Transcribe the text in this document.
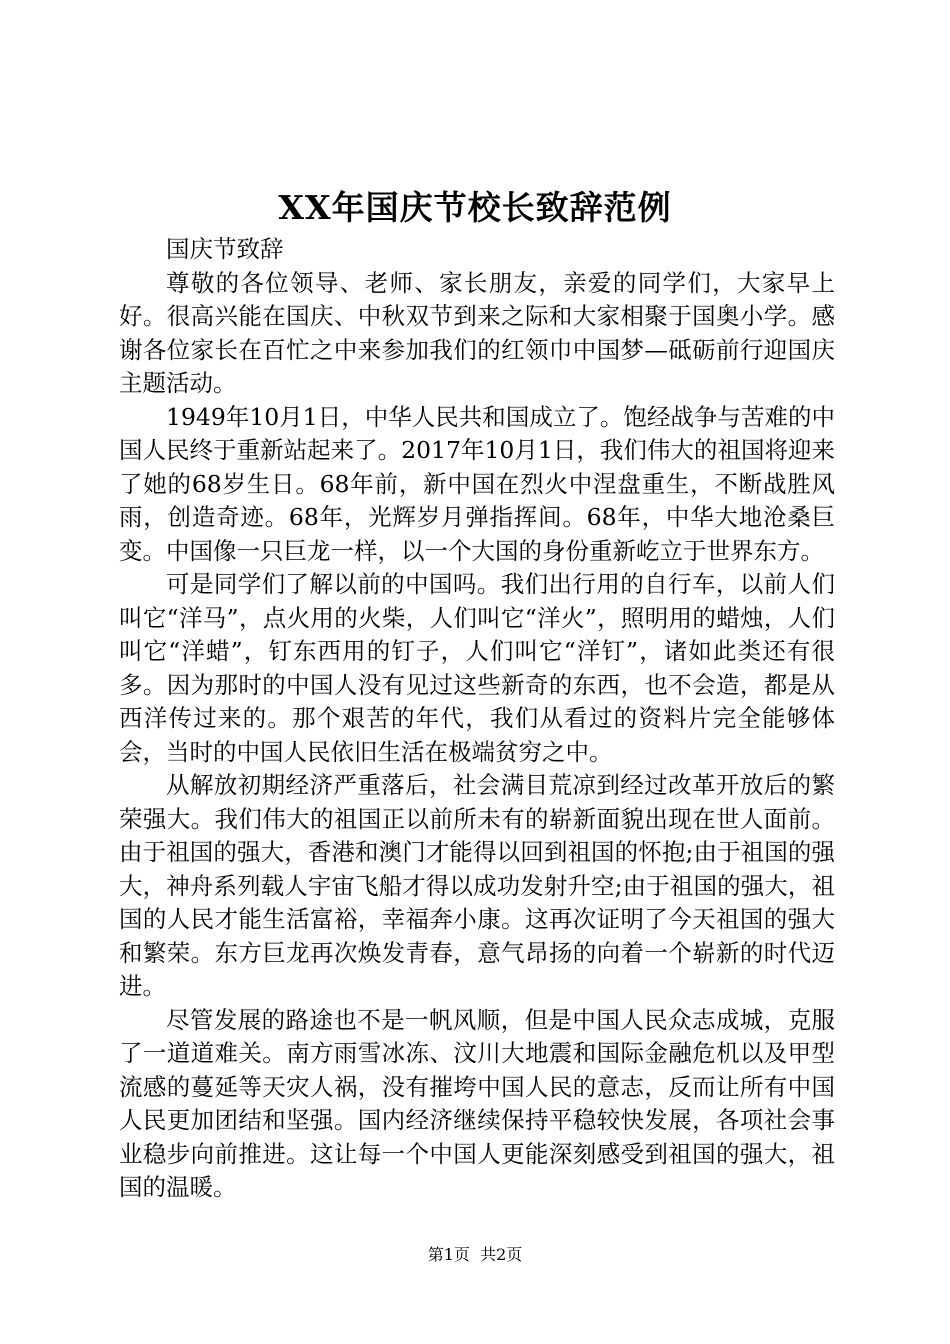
XX年国庆节校长致辞范例

国庆节致辞

尊敬的各位领导、老师、家长朋友，亲爱的同学们，大家早上好。很高兴能在国庆、中秋双节到来之际和大家相聚于国奥小学。感谢各位家长在百忙之中来参加我们的红领巾中国梦—砥砺前行迎国庆主题活动。

1949年10月1日，中华人民共和国成立了。饱经战争与苦难的中国人民终于重新站起来了。2017年10月1日，我们伟大的祖国将迎来了她的68岁生日。68年前，新中国在烈火中涅盘重生，不断战胜风雨，创造奇迹。68年，光辉岁月弹指挥间。68年，中华大地沧桑巨变。中国像一只巨龙一样，以一个大国的身份重新屹立于世界东方。

可是同学们了解以前的中国吗。我们出行用的自行车，以前人们叫它“洋马”，点火用的火柴，人们叫它“洋火”，照明用的蜡烛，人们叫它“洋蜡”，钉东西用的钉子，人们叫它“洋钉”，诸如此类还有很多。因为那时的中国人没有见过这些新奇的东西，也不会造，都是从西洋传过来的。那个艰苦的年代，我们从看过的资料片完全能够体会，当时的中国人民依旧生活在极端贫穷之中。

从解放初期经济严重落后，社会满目荒凉到经过改革开放后的繁荣强大。我们伟大的祖国正以前所未有的崭新面貌出现在世人面前。由于祖国的强大，香港和澳门才能得以回到祖国的怀抱;由于祖国的强大，神舟系列载人宇宙飞船才得以成功发射升空;由于祖国的强大，祖国的人民才能生活富裕，幸福奔小康。这再次证明了今天祖国的强大和繁荣。东方巨龙再次焕发青春，意气昂扬的向着一个崭新的时代迈进。

尽管发展的路途也不是一帆风顺，但是中国人民众志成城，克服了一道道难关。南方雨雪冰冻、汶川大地震和国际金融危机以及甲型流感的蔓延等天灾人祸，没有摧垮中国人民的意志，反而让所有中国人民更加团结和坚强。国内经济继续保持平稳较快发展，各项社会事业稳步向前推进。这让每一个中国人更能深刻感受到祖国的强大，祖国的温暖。

第1页 共2页
